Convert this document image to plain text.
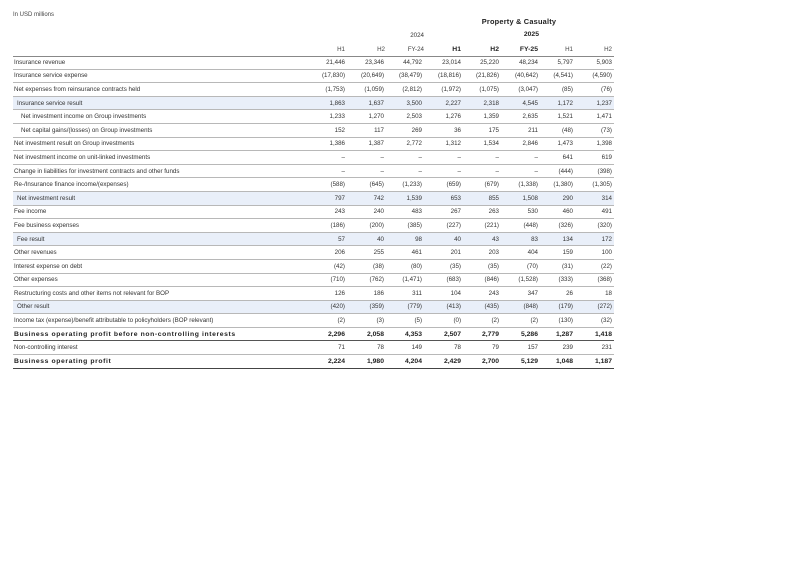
In USD millions
Property & Casualty
2024	2025
H1	H2	FY-24	H1	H2	FY-25	H1	H2
Insurance revenue	21,446	23,346	44,792	23,014	25,220	48,234	5,797	5,903
Insurance service expense	(17,830)	(20,649)	(38,479)	(18,816)	(21,826)	(40,642)	(4,541)	(4,590)
Net expenses from reinsurance contracts held	(1,753)	(1,059)	(2,812)	(1,972)	(1,075)	(3,047)	(85)	(76)
Insurance service result	1,863	1,637	3,500	2,227	2,318	4,545	1,172	1,237
Net investment income on Group investments	1,233	1,270	2,503	1,276	1,359	2,635	1,521	1,471
Net capital gains/(losses) on Group investments	152	117	269	36	175	211	(48)	(73)
Net investment result on Group investments	1,386	1,387	2,772	1,312	1,534	2,846	1,473	1,398
Net investment income on unit-linked investments	–	–	–	–	–	–	641	619
Change in liabilities for investment contracts and other funds	–	–	–	–	–	–	(444)	(398)
Re-/Insurance finance income/(expenses)	(588)	(645)	(1,233)	(659)	(679)	(1,338)	(1,380)	(1,305)
Net investment result	797	742	1,539	653	855	1,508	290	314
Fee income	243	240	483	267	263	530	460	491
Fee business expenses	(186)	(200)	(385)	(227)	(221)	(448)	(326)	(320)
Fee result	57	40	98	40	43	83	134	172
Other revenues	206	255	461	201	203	404	159	100
Interest expense on debt	(42)	(38)	(80)	(35)	(35)	(70)	(31)	(22)
Other expenses	(710)	(762)	(1,471)	(683)	(846)	(1,528)	(333)	(368)
Restructuring costs and other items not relevant for BOP	126	186	311	104	243	347	26	18
Other result	(420)	(359)	(779)	(413)	(435)	(848)	(179)	(272)
Income tax (expense)/benefit attributable to policyholders (BOP relevant)	(2)	(3)	(5)	(0)	(2)	(2)	(130)	(32)
Business operating profit before non-controlling interests	2,296	2,058	4,353	2,507	2,779	5,286	1,287	1,418
Non-controlling interest	71	78	149	78	79	157	239	231
Business operating profit	2,224	1,980	4,204	2,429	2,700	5,129	1,048	1,187
